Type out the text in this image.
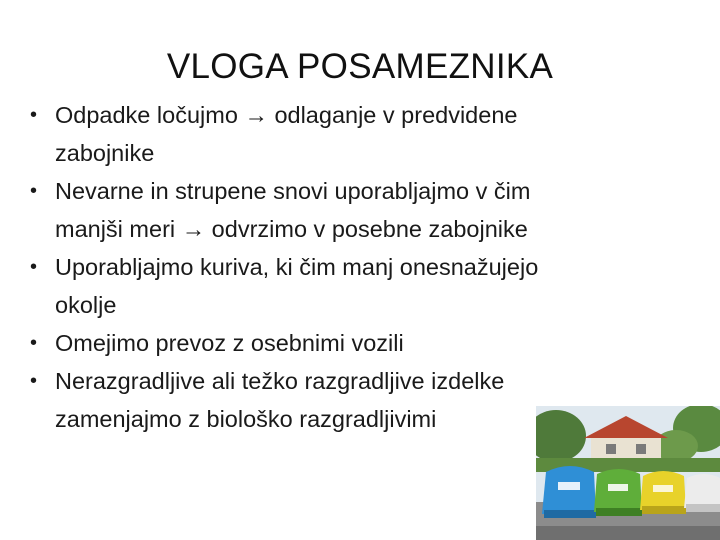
VLOGA POSAMEZNIKA
• Odpadke ločujmo → odlaganje v predvidene
zabojnike
• Nevarne in strupene snovi uporabljajmo v čim
manjši meri → odvrzimo v posebne zabojnike
• Uporabljajmo kuriva, ki čim manj onesnažujejo
okolje
• Omejimo prevoz z osebnimi vozili
• Nerazgradljive ali težko razgradljive izdelke
zamenjajmo z biološko razgradljivimi
